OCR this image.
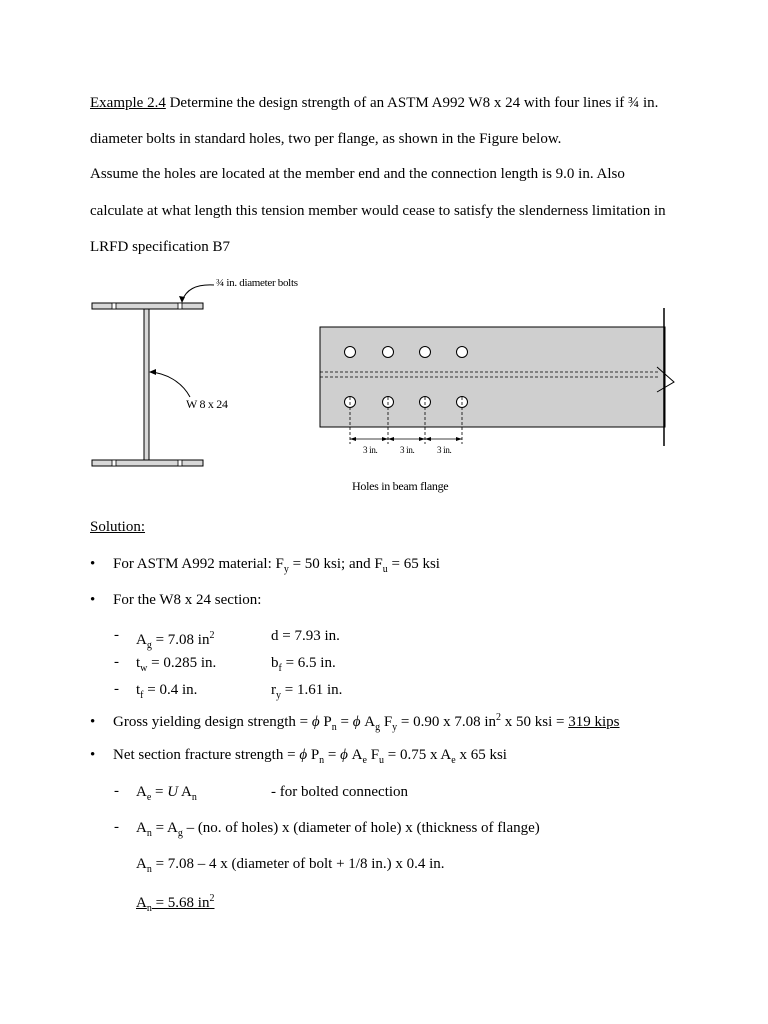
Example 2.4 Determine the design strength of an ASTM A992 W8 x 24 with four lines if ¾ in.
diameter bolts in standard holes, two per flange, as shown in the Figure below.
Assume the holes are located at the member end and the connection length is 9.0 in. Also
calculate at what length this tension member would cease to satisfy the slenderness limitation in
LRFD specification B7
¾ in. diameter bolts
W 8 x 24
3 in. 3 in. 3 in.
Holes in beam flange
Solution:
• For ASTM A992 material: $F_y = 50$ ksi; and $F_u = 65$ ksi
• For the W8 x 24 section:
- $A_g = 7.08$ $in^2$	d = 7.93 in.
- $t_w = 0.285$ in.	$b_f = 6.5$ in.
- $t_f = 0.4$ in.	$r_y = 1.61$ in.
• Gross yielding design strength = ϕ $P_n = \phi$ $A_g$ $F_y = 0.90$ x 7.08 $in^2$ x 50 ksi = 319 kips
• Net section fracture strength = ϕ $P_n = \phi$ $A_e$ $F_u = 0.75$ x $A_e$ x 65 ksi
- $A_e = U$ $A_n$	- for bolted connection
- $A_n = A_g - (no$. of holes) x (diameter of hole) x (thickness of flange)
$A_n = 7.08 - 4$ x (diameter of bolt + 1/8 in.) x 0.4 in.
$A_n = 5.68$ $in^2$
